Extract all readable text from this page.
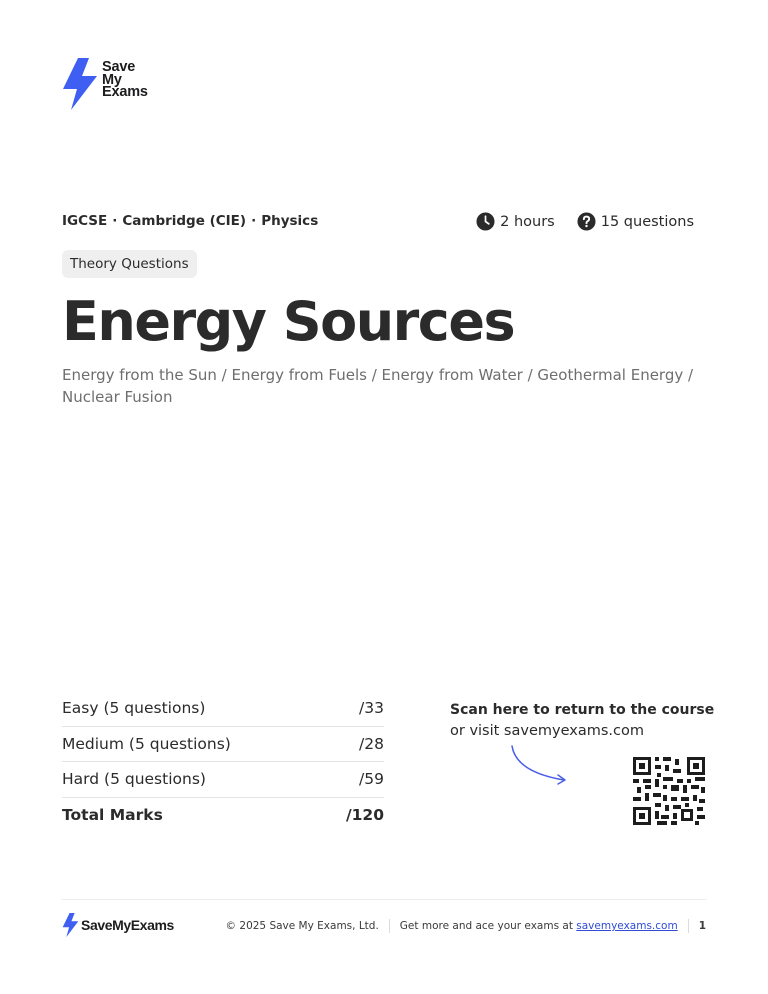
Save
My
Exams
IGCSE · Cambridge (CIE) · Physics	2 hours	15 questions
Theory Questions
Energy Sources

Energy from the Sun / Energy from Fuels / Energy from Water / Geothermal Energy / Nuclear Fusion

Easy (5 questions)	/33
Medium (5 questions)	/28
Hard (5 questions)	/59
Total Marks	/120
Scan here to return to the course
or visit savemyexams.com
SaveMyExams	© 2025 Save My Exams, Ltd. Get more and ace your exams at savemyexams.com 1
